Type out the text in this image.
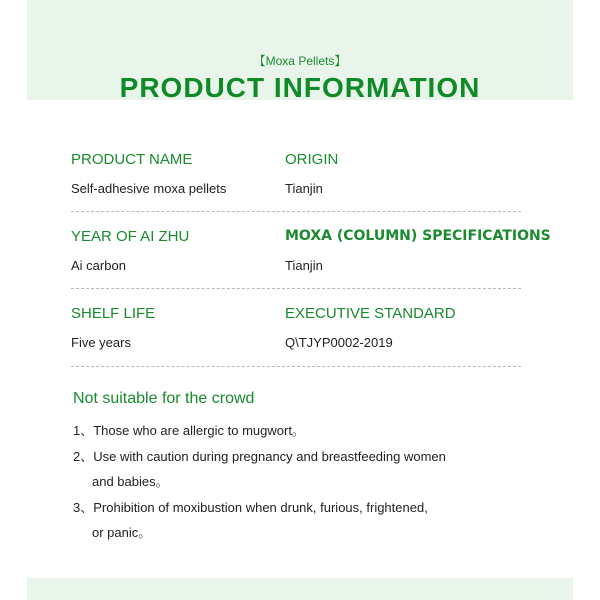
【Moxa Pellets】
PRODUCT INFORMATION
PRODUCT NAME
Self-adhesive moxa pellets
ORIGIN
Tianjin
YEAR OF AI ZHU
Ai carbon
MOXA (COLUMN) SPECIFICATIONS
Tianjin
SHELF LIFE
Five years
EXECUTIVE STANDARD
Q\TJYP0002-2019
Not suitable for the crowd
1、Those who are allergic to mugwort。
2、Use with caution during pregnancy and breastfeeding women
and babies。
3、Prohibition of moxibustion when drunk, furious, frightened,
or panic。
